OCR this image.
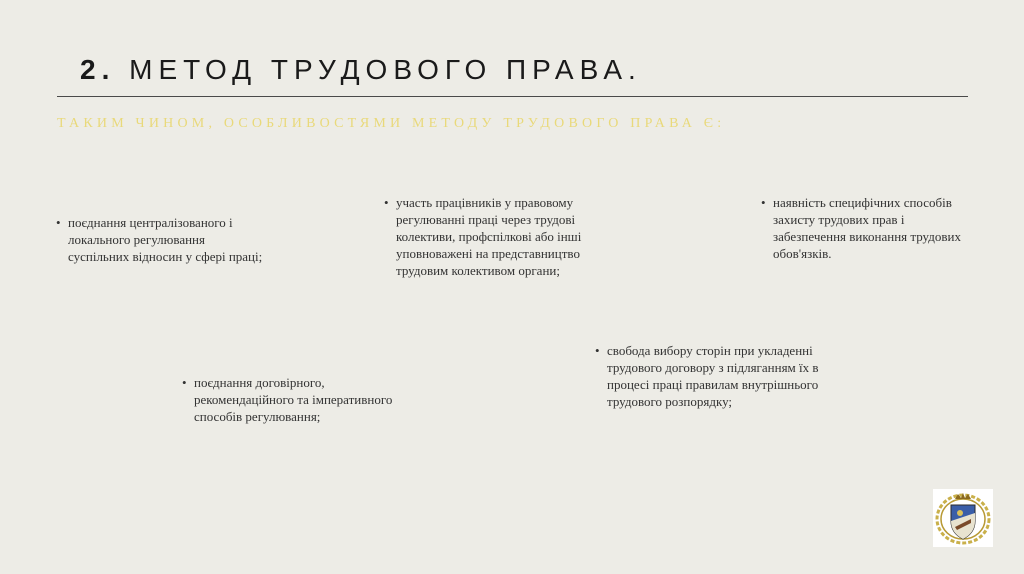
2. МЕТОД ТРУДОВОГО ПРАВА.
ТАКИМ ЧИНОМ, ОСОБЛИВОСТЯМИ МЕТОДУ ТРУДОВОГО ПРАВА Є:
• поєднання централізованого і локального регулювання суспільних відносин у сфері праці;
• участь працівників у правовому регулюванні праці через трудові колективи, профспілкові або інші уповноважені на представництво трудовим колективом органи;
• наявність специфічних способів захисту трудових прав і забезпечення виконання трудових обов'язків.
• поєднання договірного, рекомендаційного та імперативного способів регулювання;
• свобода вибору сторін при укладенні трудового договору з підляганням їх в процесі праці правилам внутрішнього трудового розпорядку;
